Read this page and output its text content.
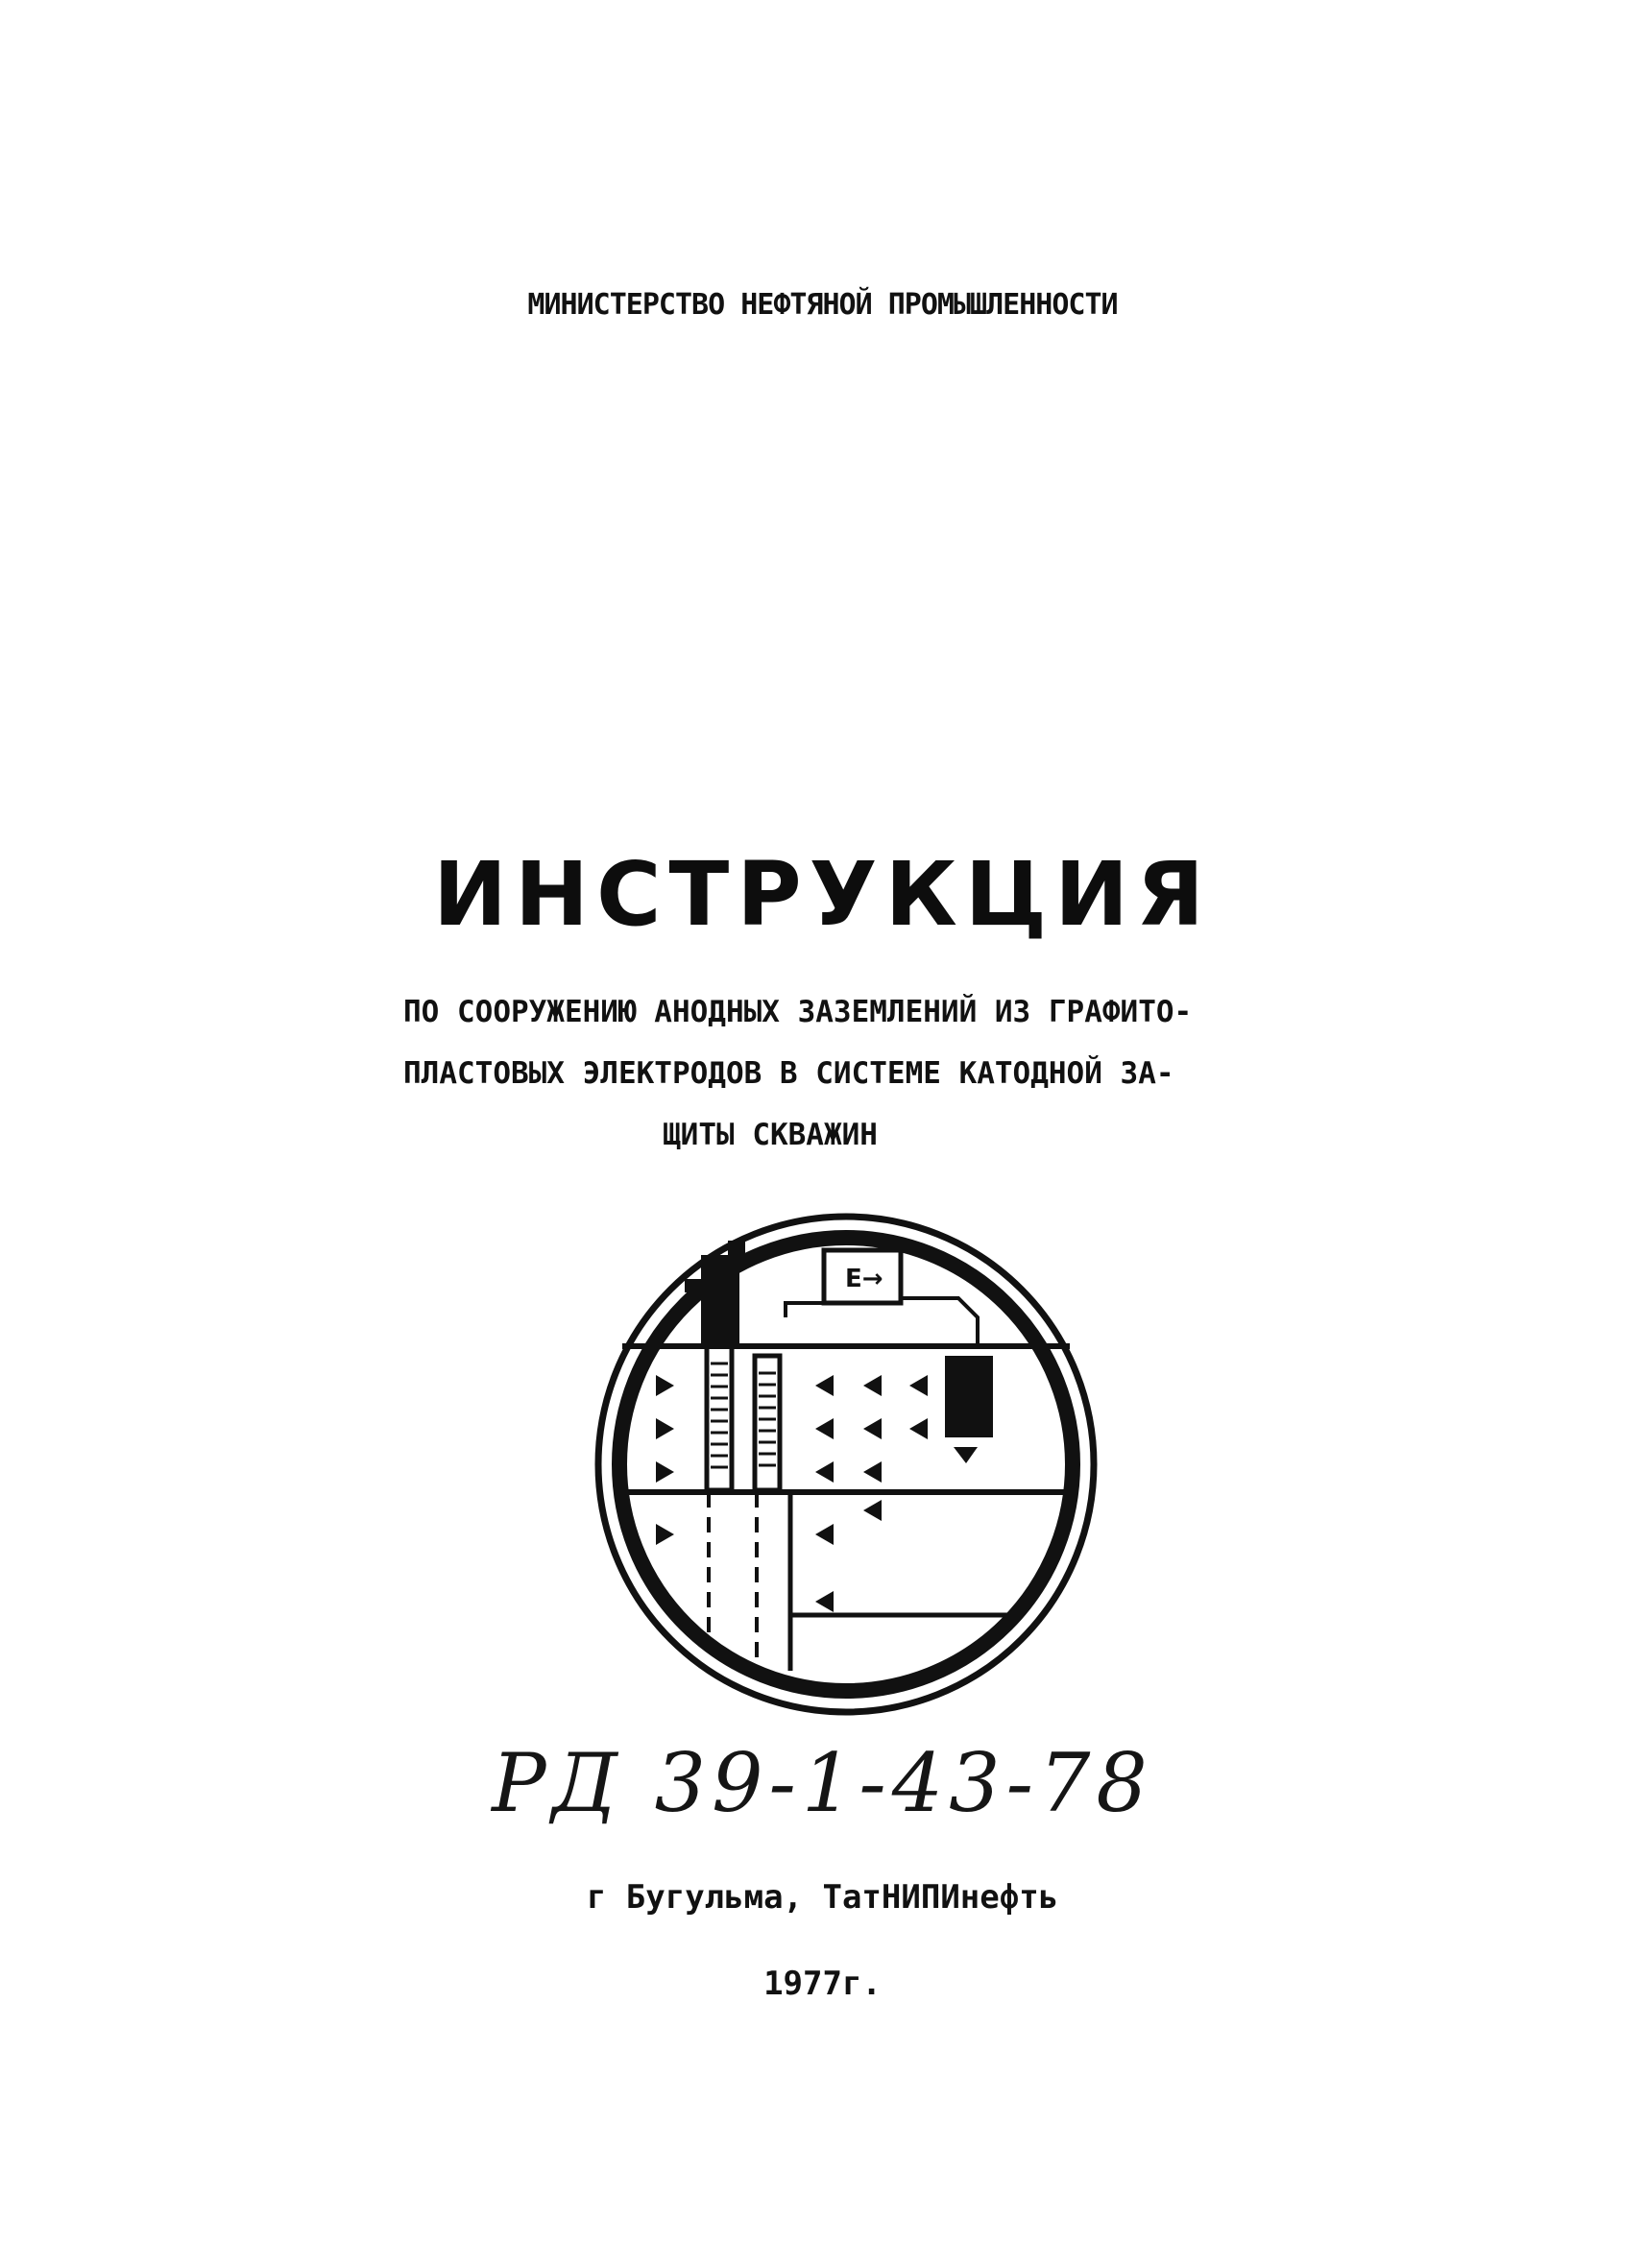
МИНИСТЕРСТВО НЕФТЯНОЙ ПРОМЫШЛЕННОСТИ
ИНСТРУКЦИЯ
ПО СООРУЖЕНИЮ АНОДНЫХ ЗАЗЕМЛЕНИЙ ИЗ ГРАФИТО-
ПЛАСТОВЫХ ЭЛЕКТРОДОВ В СИСТЕМЕ КАТОДНОЙ ЗА-
ЩИТЫ СКВАЖИН
E→
РД 39-1-43-78
г Бугульма, ТатНИПИнефть
1977г.
